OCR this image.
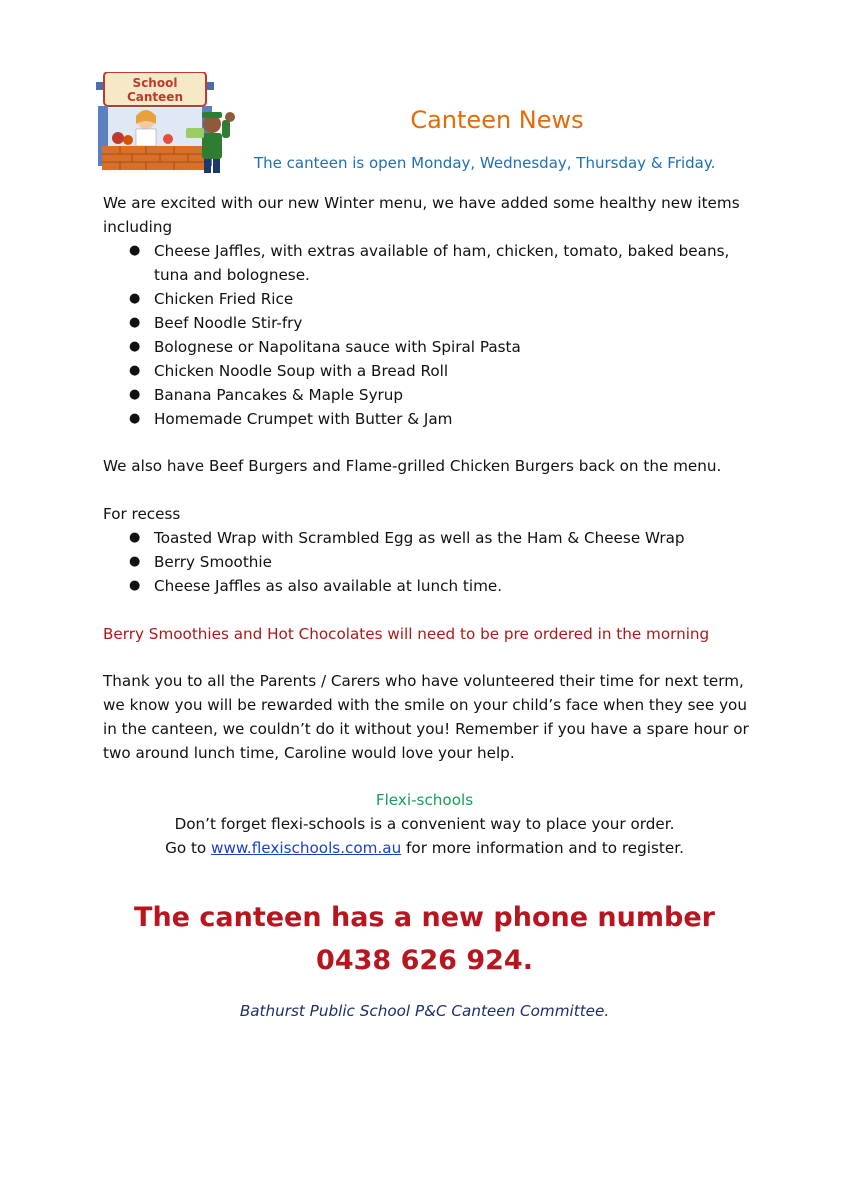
School
Canteen
Canteen News
The canteen is open Monday, Wednesday, Thursday & Friday.
We are excited with our new Winter menu, we have added some healthy new items including
● Cheese Jaffles, with extras available of ham, chicken, tomato, baked beans, tuna and bolognese.
● Chicken Fried Rice
● Beef Noodle Stir-fry
● Bolognese or Napolitana sauce with Spiral Pasta
● Chicken Noodle Soup with a Bread Roll
● Banana Pancakes & Maple Syrup
● Homemade Crumpet with Butter & Jam
We also have Beef Burgers and Flame-grilled Chicken Burgers back on the menu.
For recess
● Toasted Wrap with Scrambled Egg as well as the Ham & Cheese Wrap
● Berry Smoothie
● Cheese Jaffles as also available at lunch time.
Berry Smoothies and Hot Chocolates will need to be pre ordered in the morning
Thank you to all the Parents / Carers who have volunteered their time for next term, we know you will be rewarded with the smile on your child’s face when they see you in the canteen, we couldn’t do it without you! Remember if you have a spare hour or two around lunch time, Caroline would love your help.
Flexi-schools
Don’t forget flexi-schools is a convenient way to place your order.
Go to www.flexischools.com.au for more information and to register.
The canteen has a new phone number
0438 626 924.
Bathurst Public School P&C Canteen Committee.
